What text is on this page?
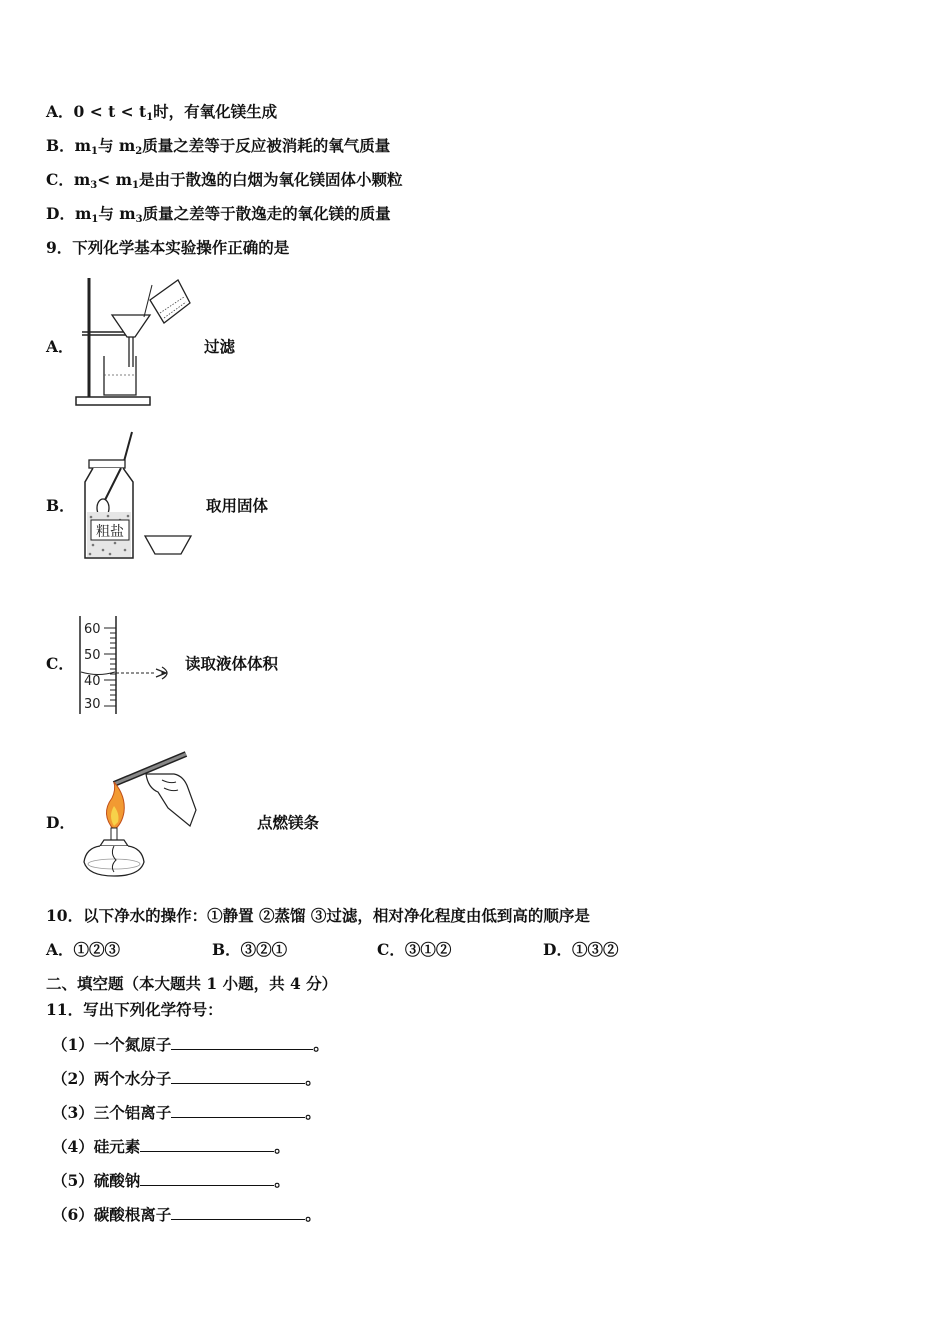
A．$0 < t < t_1$时，有氧化镁生成
B．$m_1$与 $m_2$质量之差等于反应被消耗的氧气质量
C．$m_3< m_1$是由于散逸的白烟为氧化镁固体小颗粒
D．$m_1$与 $m_3$质量之差等于散逸走的氧化镁的质量
9．下列化学基本实验操作正确的是
A．	过滤
B．
粗盐
取用固体
C．
60
50
40
30
读取液体体积
D．	点燃镁条
10．以下净水的操作：①静置 ②蒸馏 ③过滤，相对净化程度由低到高的顺序是
A．①②③	B．③②①	C．③①②	D．①③②
二、填空题（本大题共 1 小题，共 4 分）
11．写出下列化学符号：
（1）一个氮原子	。
（2）两个水分子	。
（3）三个铝离子	。
（4）硅元素	。
（5）硫酸钠	。
（6）碳酸根离子	。
